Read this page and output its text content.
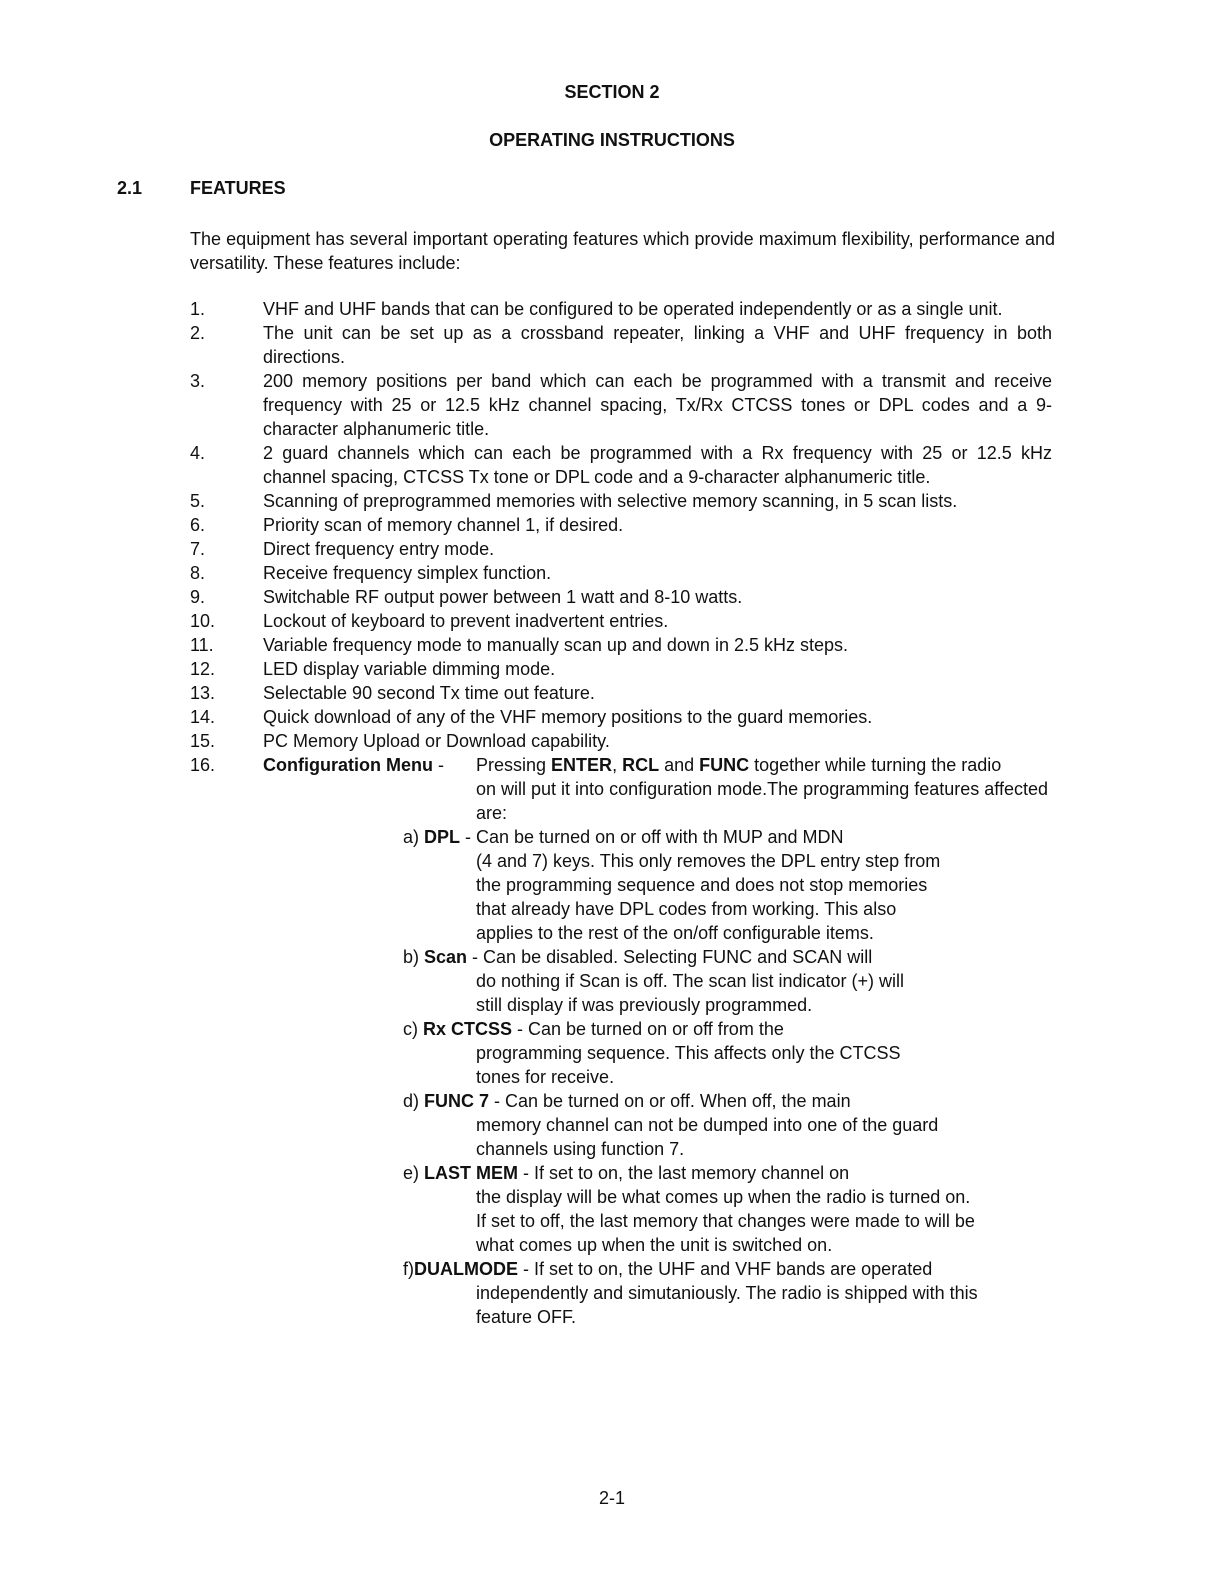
SECTION 2
OPERATING INSTRUCTIONS
2.1	FEATURES

The equipment has several important operating features which provide maximum flexibility, performance and versatility. These features include:

1.	VHF and UHF bands that can be configured to be operated independently or as a single unit.
2.	The unit can be set up as a crossband repeater, linking a VHF and UHF frequency in both directions.
3.	200 memory positions per band which can each be programmed with a transmit and receive frequency with 25 or 12.5 kHz channel spacing, Tx/Rx CTCSS tones or DPL codes and a 9-character alphanumeric title.
4.	2 guard channels which can each be programmed with a Rx frequency with 25 or 12.5 kHz channel spacing, CTCSS Tx tone or DPL code and a 9-character alphanumeric title.
5.	Scanning of preprogrammed memories with selective memory scanning, in 5 scan lists.
6.	Priority scan of memory channel 1, if desired.
7.	Direct frequency entry mode.
8.	Receive frequency simplex function.
9.	Switchable RF output power between 1 watt and 8-10 watts.
10.	Lockout of keyboard to prevent inadvertent entries.
11.	Variable frequency mode to manually scan up and down in 2.5 kHz steps.
12.	LED display variable dimming mode.
13.	Selectable 90 second Tx time out feature.
14.	Quick download of any of the VHF memory positions to the guard memories.
15.	PC Memory Upload or Download capability.
16.	Configuration Menu -	Pressing ENTER, RCL and FUNC together while turning the radio
on will put it into configuration mode.The programming features affected are:
a) DPL - Can be turned on or off with th MUP and MDN
(4 and 7) keys. This only removes the DPL entry step from the programming sequence and does not stop memories that already have DPL codes from working. This also applies to the rest of the on/off configurable items.
b) Scan - Can be disabled. Selecting FUNC and SCAN will
do nothing if Scan is off. The scan list indicator (+) will still display if was previously programmed.
c) Rx CTCSS - Can be turned on or off from the
programming sequence. This affects only the CTCSS tones for receive.
d) FUNC 7 - Can be turned on or off. When off, the main
memory channel can not be dumped into one of the guard channels using function 7.
e) LAST MEM - If set to on, the last memory channel on
the display will be what comes up when the radio is turned on. If set to off, the last memory that changes were made to will be what comes up when the unit is switched on.
f)DUALMODE - If set to on, the UHF and VHF bands are operated
independently and simutaniously. The radio is shipped with this feature OFF.
2-1
